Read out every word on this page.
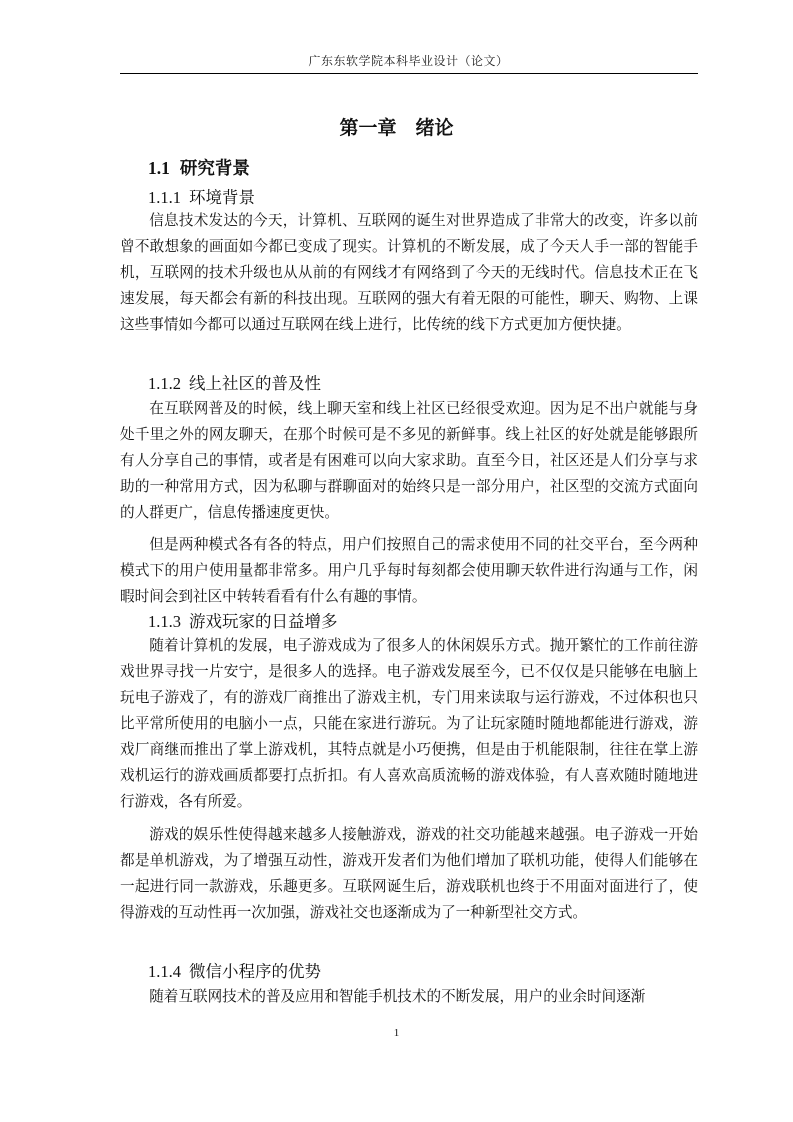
广东东软学院本科毕业设计（论文）
第一章　绪论
1.1 研究背景
1.1.1 环境背景

信息技术发达的今天，计算机、互联网的诞生对世界造成了非常大的改变，许多以前曾不敢想象的画面如今都已变成了现实。计算机的不断发展，成了今天人手一部的智能手机，互联网的技术升级也从从前的有网线才有网络到了今天的无线时代。信息技术正在飞速发展，每天都会有新的科技出现。互联网的强大有着无限的可能性，聊天、购物、上课这些事情如今都可以通过互联网在线上进行，比传统的线下方式更加方便快捷。

1.1.2 线上社区的普及性

在互联网普及的时候，线上聊天室和线上社区已经很受欢迎。因为足不出户就能与身处千里之外的网友聊天，在那个时候可是不多见的新鲜事。线上社区的好处就是能够跟所有人分享自己的事情，或者是有困难可以向大家求助。直至今日，社区还是人们分享与求助的一种常用方式，因为私聊与群聊面对的始终只是一部分用户，社区型的交流方式面向的人群更广，信息传播速度更快。

但是两种模式各有各的特点，用户们按照自己的需求使用不同的社交平台，至今两种模式下的用户使用量都非常多。用户几乎每时每刻都会使用聊天软件进行沟通与工作，闲暇时间会到社区中转转看看有什么有趣的事情。

1.1.3 游戏玩家的日益增多

随着计算机的发展，电子游戏成为了很多人的休闲娱乐方式。抛开繁忙的工作前往游戏世界寻找一片安宁，是很多人的选择。电子游戏发展至今，已不仅仅是只能够在电脑上玩电子游戏了，有的游戏厂商推出了游戏主机，专门用来读取与运行游戏，不过体积也只比平常所使用的电脑小一点，只能在家进行游玩。为了让玩家随时随地都能进行游戏，游戏厂商继而推出了掌上游戏机，其特点就是小巧便携，但是由于机能限制，往往在掌上游戏机运行的游戏画质都要打点折扣。有人喜欢高质流畅的游戏体验，有人喜欢随时随地进行游戏，各有所爱。

游戏的娱乐性使得越来越多人接触游戏，游戏的社交功能越来越强。电子游戏一开始都是单机游戏，为了增强互动性，游戏开发者们为他们增加了联机功能，使得人们能够在一起进行同一款游戏，乐趣更多。互联网诞生后，游戏联机也终于不用面对面进行了，使得游戏的互动性再一次加强，游戏社交也逐渐成为了一种新型社交方式。

1.1.4 微信小程序的优势

随着互联网技术的普及应用和智能手机技术的不断发展，用户的业余时间逐渐

1
